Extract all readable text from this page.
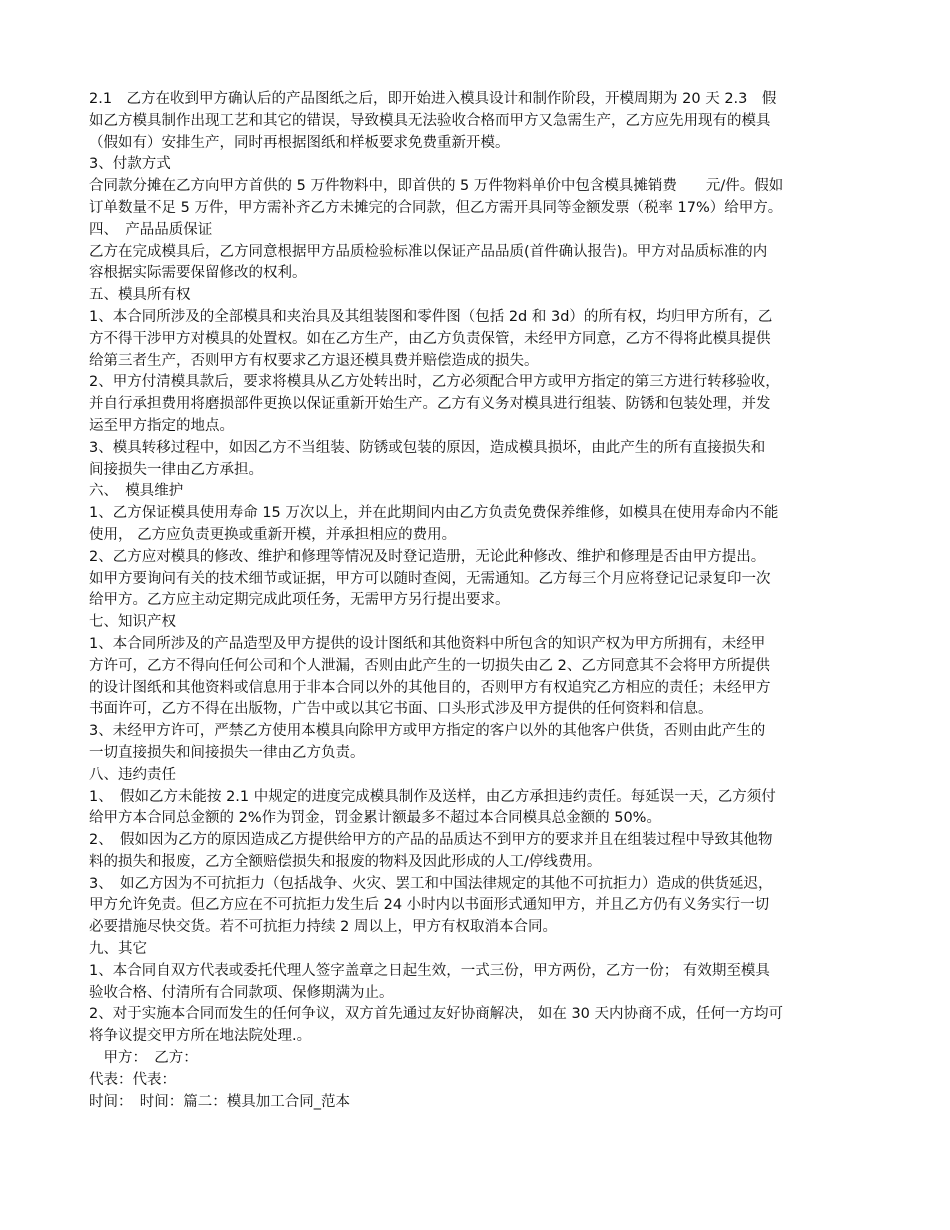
2.1　乙方在收到甲方确认后的产品图纸之后，即开始进入模具设计和制作阶段，开模周期为 20 天 2.3　假
如乙方模具制作出现工艺和其它的错误，导致模具无法验收合格而甲方又急需生产，乙方应先用现有的模具
（假如有）安排生产，同时再根据图纸和样板要求免费重新开模。
3、付款方式
合同款分摊在乙方向甲方首供的 5 万件物料中，即首供的 5 万件物料单价中包含模具摊销费　　元/件。假如
订单数量不足 5 万件，甲方需补齐乙方未摊完的合同款，但乙方需开具同等金额发票（税率 17%）给甲方。
四、　产品品质保证
乙方在完成模具后，乙方同意根据甲方品质检验标准以保证产品品质(首件确认报告)。甲方对品质标准的内
容根据实际需要保留修改的权利。
五、模具所有权
1、本合同所涉及的全部模具和夹治具及其组装图和零件图（包括 2d 和 3d）的所有权，均归甲方所有，乙
方不得干涉甲方对模具的处置权。如在乙方生产，由乙方负责保管，未经甲方同意，乙方不得将此模具提供
给第三者生产，否则甲方有权要求乙方退还模具费并赔偿造成的损失。
2、甲方付清模具款后，要求将模具从乙方处转出时，乙方必须配合甲方或甲方指定的第三方进行转移验收，
并自行承担费用将磨损部件更换以保证重新开始生产。乙方有义务对模具进行组装、防锈和包装处理，并发
运至甲方指定的地点。
3、模具转移过程中，如因乙方不当组装、防锈或包装的原因，造成模具损坏，由此产生的所有直接损失和
间接损失一律由乙方承担。
六、　模具维护
1、乙方保证模具使用寿命 15 万次以上，并在此期间内由乙方负责免费保养维修，如模具在使用寿命内不能
使用， 乙方应负责更换或重新开模，并承担相应的费用。
2、乙方应对模具的修改、维护和修理等情况及时登记造册，无论此种修改、维护和修理是否由甲方提出。
如甲方要询问有关的技术细节或证据，甲方可以随时查阅，无需通知。乙方每三个月应将登记记录复印一次
给甲方。乙方应主动定期完成此项任务，无需甲方另行提出要求。
七、知识产权
1、本合同所涉及的产品造型及甲方提供的设计图纸和其他资料中所包含的知识产权为甲方所拥有，未经甲
方许可，乙方不得向任何公司和个人泄漏，否则由此产生的一切损失由乙 2、乙方同意其不会将甲方所提供
的设计图纸和其他资料或信息用于非本合同以外的其他目的，否则甲方有权追究乙方相应的责任；未经甲方
书面许可，乙方不得在出版物，广告中或以其它书面、口头形式涉及甲方提供的任何资料和信息。
3、未经甲方许可，严禁乙方使用本模具向除甲方或甲方指定的客户以外的其他客户供货，否则由此产生的
一切直接损失和间接损失一律由乙方负责。
八、违约责任
1、　假如乙方未能按 2.1 中规定的进度完成模具制作及送样，由乙方承担违约责任。每延误一天，乙方须付
给甲方本合同总金额的 2%作为罚金，罚金累计额最多不超过本合同模具总金额的 50%。
2、　假如因为乙方的原因造成乙方提供给甲方的产品的品质达不到甲方的要求并且在组装过程中导致其他物
料的损失和报废，乙方全额赔偿损失和报废的物料及因此形成的人工/停线费用。
3、　如乙方因为不可抗拒力（包括战争、火灾、罢工和中国法律规定的其他不可抗拒力）造成的供货延迟，
甲方允许免责。但乙方应在不可抗拒力发生后 24 小时内以书面形式通知甲方，并且乙方仍有义务实行一切
必要措施尽快交货。若不可抗拒力持续 2 周以上，甲方有权取消本合同。
九、其它
1、本合同自双方代表或委托代理人签字盖章之日起生效，一式三份，甲方两份，乙方一份； 有效期至模具
验收合格、付清所有合同款项、保修期满为止。
2、对于实施本合同而发生的任何争议，双方首先通过友好协商解决， 如在 30 天内协商不成，任何一方均可
将争议提交甲方所在地法院处理.。
　甲方：　乙方：
代表：代表：
时间：　时间：篇二：模具加工合同_范本
